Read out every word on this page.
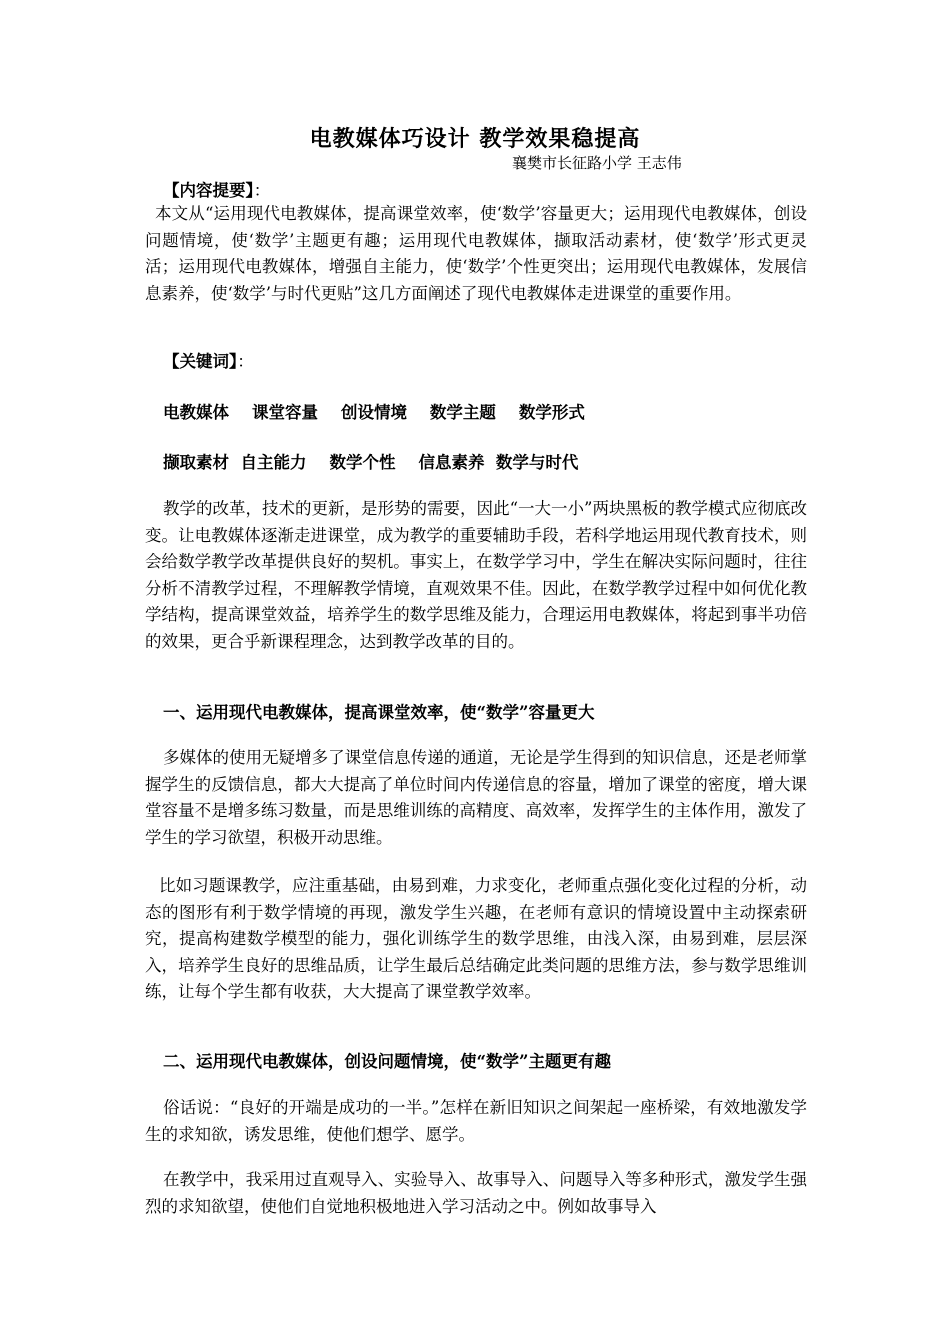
电教媒体巧设计 教学效果稳提高
襄樊市长征路小学 王志伟
【内容提要】：

本文从“运用现代电教媒体，提高课堂效率，使‘数学’容量更大；运用现代电教媒体，创设问题情境，使‘数学’主题更有趣；运用现代电教媒体，撷取活动素材，使‘数学’形式更灵活；运用现代电教媒体，增强自主能力，使‘数学’个性更突出；运用现代电教媒体，发展信息素养，使‘数学’与时代更贴”这几方面阐述了现代电教媒体走进课堂的重要作用。

【关键词】：
电教媒体    课堂容量    创设情境    数学主题    数学形式
撷取素材  自主能力    数学个性    信息素养  数学与时代

教学的改革，技术的更新，是形势的需要，因此“一大一小”两块黑板的教学模式应彻底改变。让电教媒体逐渐走进课堂，成为教学的重要辅助手段，若科学地运用现代教育技术，则会给数学教学改革提供良好的契机。事实上，在数学学习中，学生在解决实际问题时，往往分析不清教学过程，不理解教学情境，直观效果不佳。因此，在数学教学过程中如何优化教学结构，提高课堂效益，培养学生的数学思维及能力，合理运用电教媒体，将起到事半功倍的效果，更合乎新课程理念，达到教学改革的目的。

一、运用现代电教媒体，提高课堂效率，使“数学”容量更大

多媒体的使用无疑增多了课堂信息传递的通道，无论是学生得到的知识信息，还是老师掌握学生的反馈信息，都大大提高了单位时间内传递信息的容量，增加了课堂的密度，增大课堂容量不是增多练习数量，而是思维训练的高精度、高效率，发挥学生的主体作用，激发了学生的学习欲望，积极开动思维。

比如习题课教学，应注重基础，由易到难，力求变化，老师重点强化变化过程的分析，动态的图形有利于数学情境的再现，激发学生兴趣，在老师有意识的情境设置中主动探索研究，提高构建数学模型的能力，强化训练学生的数学思维，由浅入深，由易到难，层层深入，培养学生良好的思维品质，让学生最后总结确定此类问题的思维方法，参与数学思维训练，让每个学生都有收获，大大提高了课堂教学效率。

二、运用现代电教媒体，创设问题情境，使“数学”主题更有趣

俗话说：“良好的开端是成功的一半。”怎样在新旧知识之间架起一座桥梁，有效地激发学生的求知欲，诱发思维，使他们想学、愿学。

在教学中，我采用过直观导入、实验导入、故事导入、问题导入等多种形式，激发学生强烈的求知欲望，使他们自觉地积极地进入学习活动之中。例如故事导入
